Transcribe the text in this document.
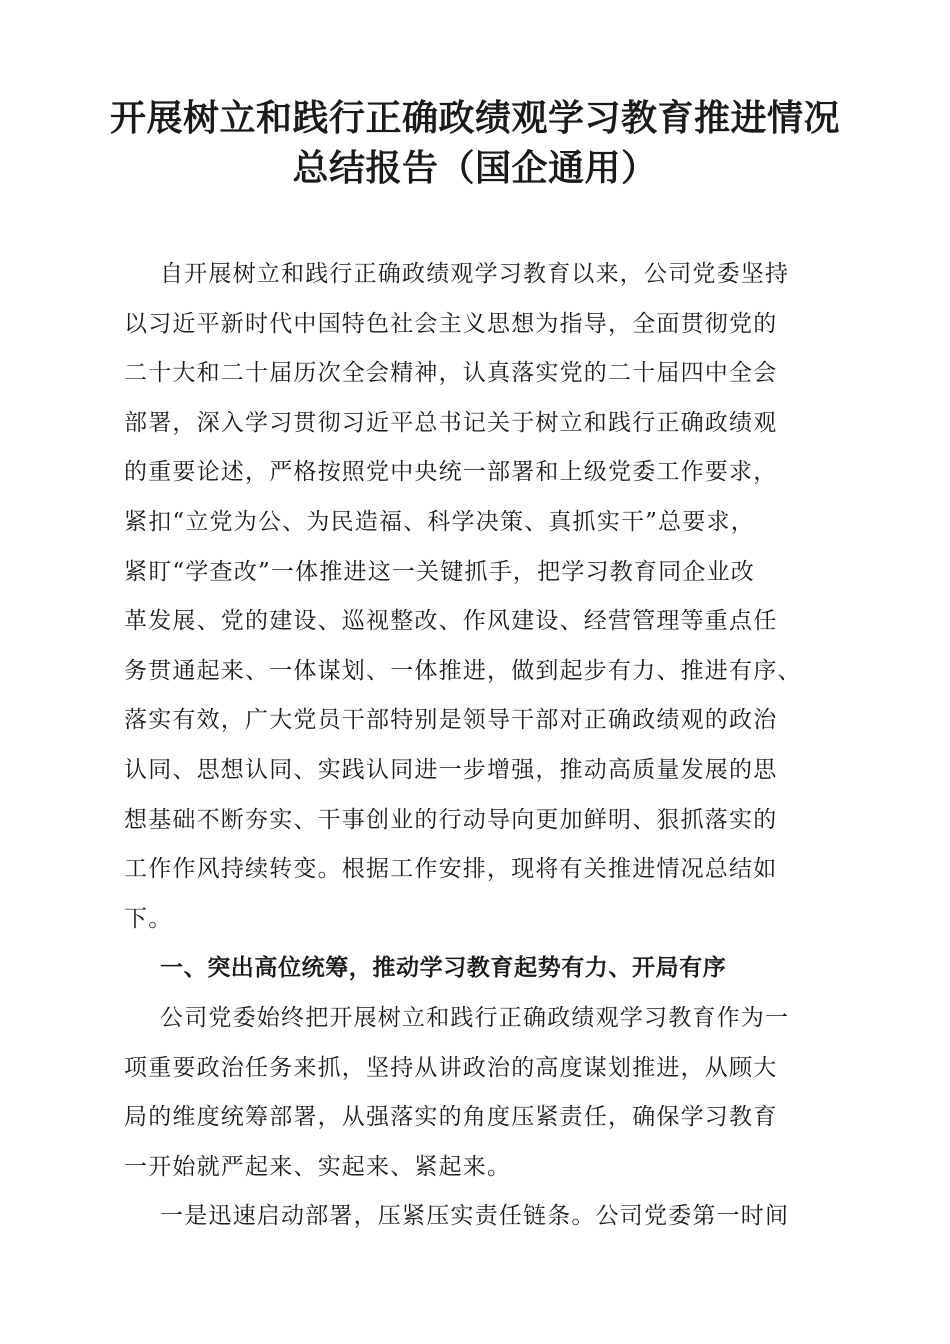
开展树立和践行正确政绩观学习教育推进情况
总结报告（国企通用）
自开展树立和践行正确政绩观学习教育以来，公司党委坚持
以习近平新时代中国特色社会主义思想为指导，全面贯彻党的
二十大和二十届历次全会精神，认真落实党的二十届四中全会
部署，深入学习贯彻习近平总书记关于树立和践行正确政绩观
的重要论述，严格按照党中央统一部署和上级党委工作要求，
紧扣“立党为公、为民造福、科学决策、真抓实干”总要求，
紧盯“学查改”一体推进这一关键抓手，把学习教育同企业改
革发展、党的建设、巡视整改、作风建设、经营管理等重点任
务贯通起来、一体谋划、一体推进，做到起步有力、推进有序、
落实有效，广大党员干部特别是领导干部对正确政绩观的政治
认同、思想认同、实践认同进一步增强，推动高质量发展的思
想基础不断夯实、干事创业的行动导向更加鲜明、狠抓落实的
工作作风持续转变。根据工作安排，现将有关推进情况总结如
下。
一、突出高位统筹，推动学习教育起势有力、开局有序
公司党委始终把开展树立和践行正确政绩观学习教育作为一
项重要政治任务来抓，坚持从讲政治的高度谋划推进，从顾大
局的维度统筹部署，从强落实的角度压紧责任，确保学习教育
一开始就严起来、实起来、紧起来。
一是迅速启动部署，压紧压实责任链条。公司党委第一时间
